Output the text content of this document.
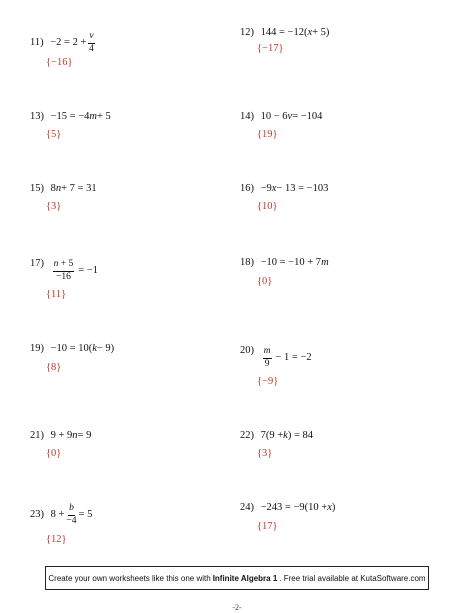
$11) -2 = 2 + \frac{v}{4}$
{−16}
12) 144 = −12( x + 5)
{−17}
13) −15 = −4 m + 5
{5}
14) 10 − 6 v = −104
{19}
15) 8 n + 7 = 31
{3}
16) −9 x − 13 = −103
{10}
$17) \frac{n + 5}{-16} = -1$
{11}
18) −10 = −10 + 7 m
{0}
19) −10 = 10( k − 9)
{8}
$20) \frac{m}{9} - 1 = -2$
{−9}
21) 9 + 9 n = 9
{0}
22) 7(9 + k ) = 84
{3}
23) $8 + \frac{b}{-4} = 5$
{12}
24) −243 = −9(10 + x )
{17}
Create your own worksheets like this one with Infinite Algebra 1 . Free trial available at KutaSoftware.com
-2-
